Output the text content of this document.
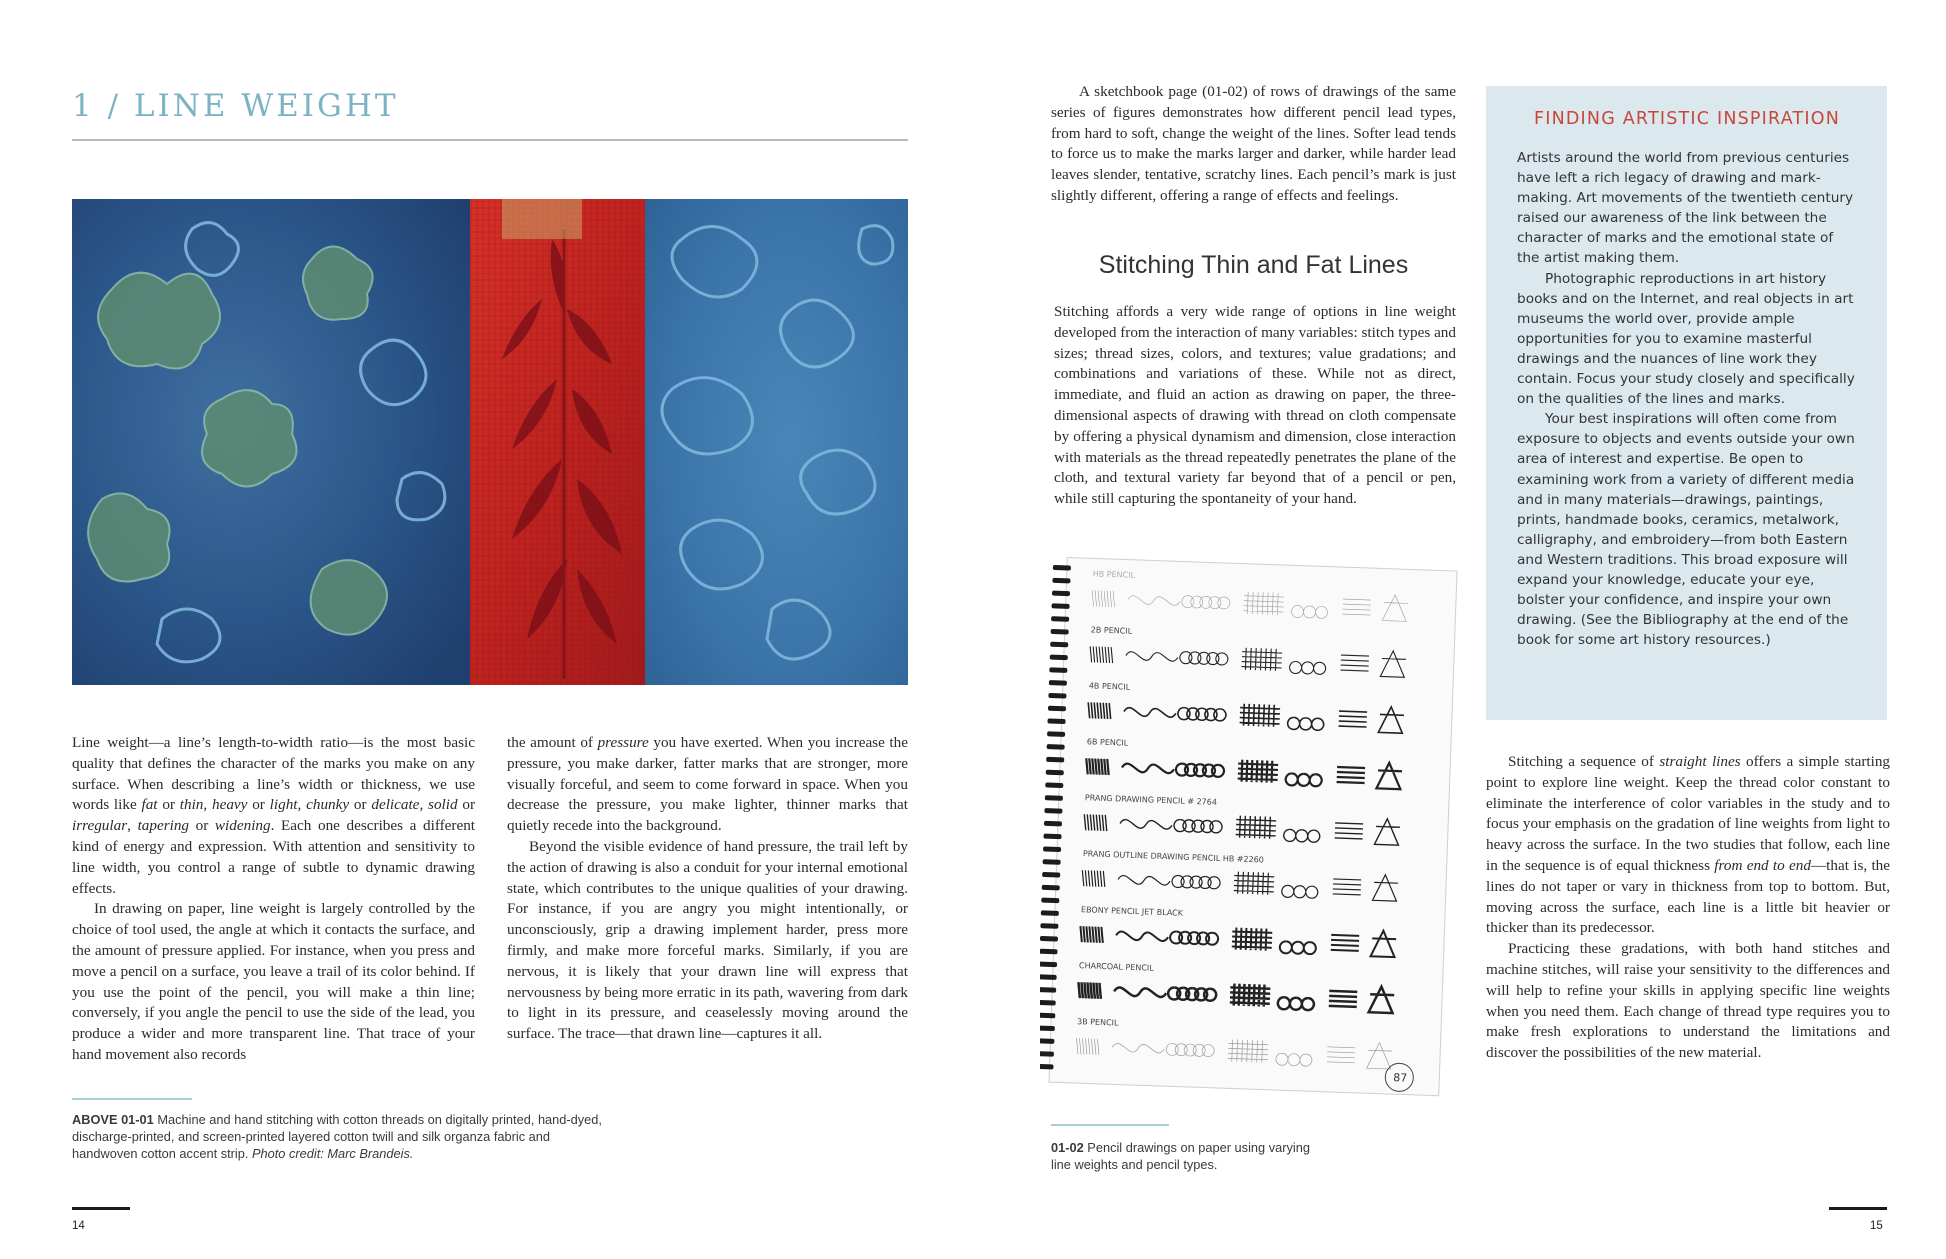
1 / LINE WEIGHT

Line weight—a line’s length-to-width ratio—is the most basic quality that defines the character of the marks you make on any surface. When describing a line’s width or thickness, we use words like fat or thin, heavy or light, chunky or delicate, solid or irregular, tapering or widening. Each one describes a different kind of energy and expression. With attention and sensitivity to line width, you control a range of subtle to dynamic drawing effects.

In drawing on paper, line weight is largely controlled by the choice of tool used, the angle at which it contacts the surface, and the amount of pressure applied. For instance, when you press and move a pencil on a surface, you leave a trail of its color behind. If you use the point of the pencil, you will make a thin line; conversely, if you angle the pencil to use the side of the lead, you produce a wider and more transparent line. That trace of your hand movement also records

the amount of pressure you have exerted. When you increase the pressure, you make darker, fatter marks that are stronger, more visually forceful, and seem to come forward in space. When you decrease the pressure, you make lighter, thinner marks that quietly recede into the background.

Beyond the visible evidence of hand pressure, the trail left by the action of drawing is also a conduit for your internal emotional state, which contributes to the unique qualities of your drawing. For instance, if you are angry you might intentionally, or unconsciously, grip a drawing implement harder, press more firmly, and make more forceful marks. Similarly, if you are nervous, it is likely that your drawn line will express that nervousness by being more erratic in its path, wavering from dark to light in its pressure, and ceaselessly moving around the surface. The trace—that drawn line—captures it all.

ABOVE 01-01 Machine and hand stitching with cotton threads on digitally printed, hand-dyed, discharge-printed, and screen-printed layered cotton twill and silk organza fabric and handwoven cotton accent strip. Photo credit: Marc Brandeis.
14

A sketchbook page (01-02) of rows of drawings of the same series of figures demonstrates how different pencil lead types, from hard to soft, change the weight of the lines. Softer lead tends to force us to make the marks larger and darker, while harder lead leaves slender, tentative, scratchy lines. Each pencil’s mark is just slightly different, offering a range of effects and feelings.

Stitching Thin and Fat Lines

Stitching affords a very wide range of options in line weight developed from the interaction of many variables: stitch types and sizes; thread sizes, colors, and textures; value gradations; and combinations and variations of these. While not as direct, immediate, and fluid an action as drawing on paper, the three-dimensional aspects of drawing with thread on cloth compensate by offering a physical dynamism and dimension, close interaction with materials as the thread repeatedly penetrates the plane of the cloth, and textural variety far beyond that of a pencil or pen, while still capturing the spontaneity of your hand.

HB PENCIL
2B PENCIL
4B PENCIL
6B PENCIL
PRANG DRAWING PENCIL # 2764
PRANG OUTLINE DRAWING PENCIL HB #2260
EBONY PENCIL JET BLACK
CHARCOAL PENCIL
3B PENCIL
87
01-02 Pencil drawings on paper using varying line weights and pencil types.
FINDING ARTISTIC INSPIRATION

Artists around the world from previous centuries have left a rich legacy of drawing and mark-making. Art movements of the twentieth century raised our awareness of the link between the character of marks and the emotional state of the artist making them.

Photographic reproductions in art history books and on the Internet, and real objects in art museums the world over, provide ample opportunities for you to examine masterful drawings and the nuances of line work they contain. Focus your study closely and specifically on the qualities of the lines and marks.

Your best inspirations will often come from exposure to objects and events outside your own area of interest and expertise. Be open to examining work from a variety of different media and in many materials—drawings, paintings, prints, handmade books, ceramics, metalwork, calligraphy, and embroidery—from both Eastern and Western traditions. This broad exposure will expand your knowledge, educate your eye, bolster your confidence, and inspire your own drawing. (See the Bibliography at the end of the book for some art history resources.)

Stitching a sequence of straight lines offers a simple starting point to explore line weight. Keep the thread color constant to eliminate the interference of color variables in the study and to focus your emphasis on the gradation of line weights from light to heavy across the surface. In the two studies that follow, each line in the sequence is of equal thickness from end to end—that is, the lines do not taper or vary in thickness from top to bottom. But, moving across the surface, each line is a little bit heavier or thicker than its predecessor.

Practicing these gradations, with both hand stitches and machine stitches, will raise your sensitivity to the differences and will help to refine your skills in applying specific line weights when you need them. Each change of thread type requires you to make fresh explorations to understand the limitations and discover the possibilities of the new material.

15
